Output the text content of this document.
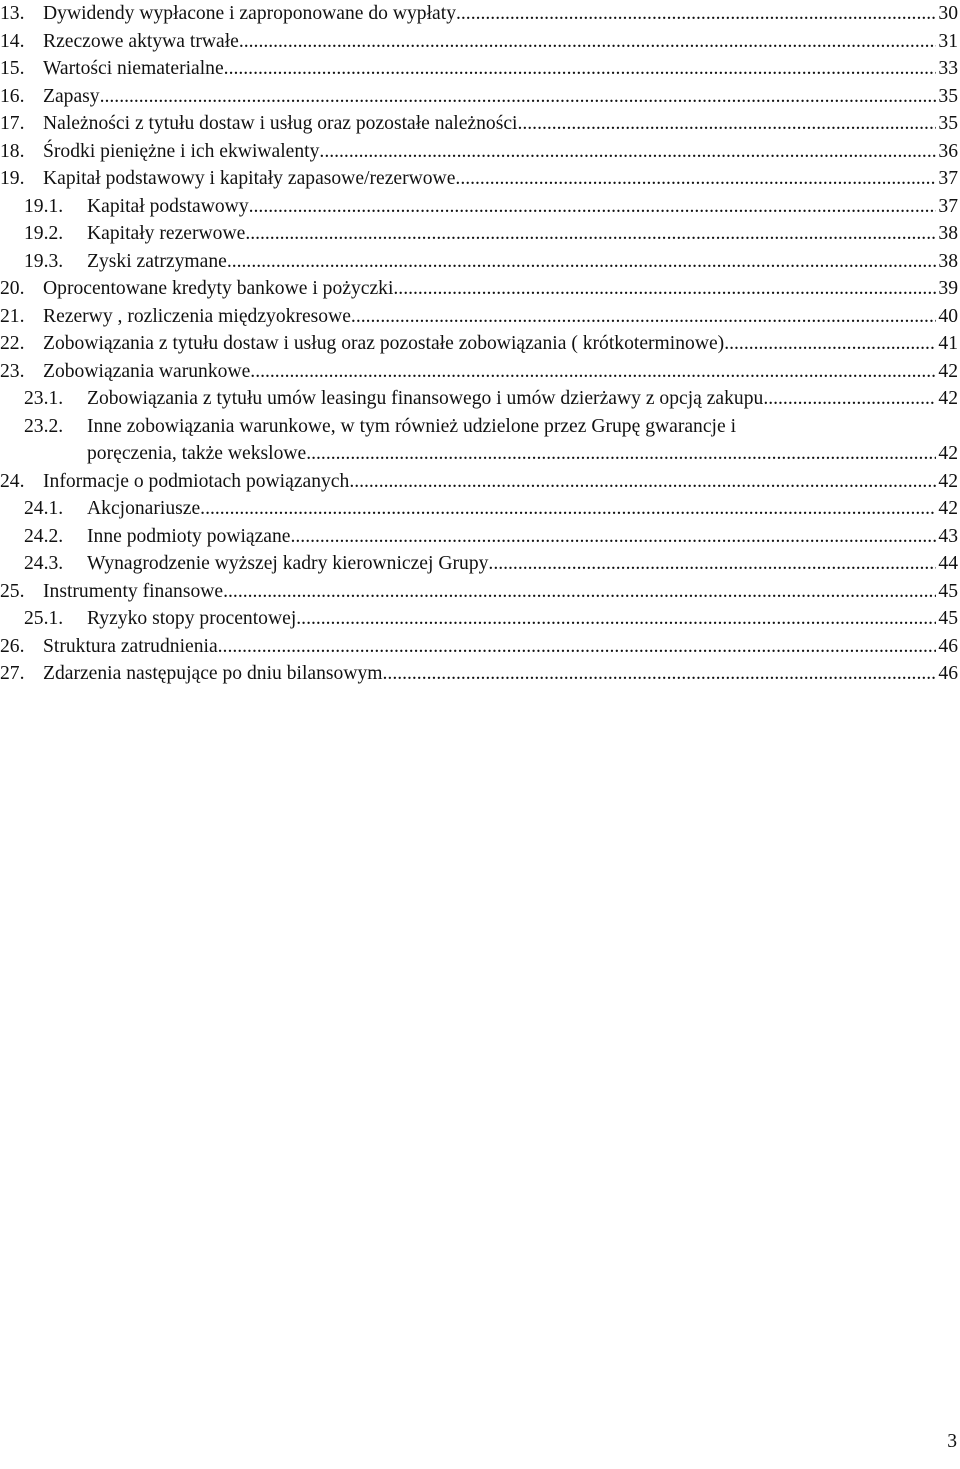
13. Dywidendy wypłacone i zaproponowane do wypłaty .....	30
14. Rzeczowe aktywa trwałe .....	31
15. Wartości niematerialne .....	33
16. Zapasy .....	35
17. Należności z tytułu dostaw i usług oraz pozostałe należności .....	35
18. Środki pieniężne i ich ekwiwalenty .....	36
19. Kapitał podstawowy i kapitały zapasowe/rezerwowe .....	37
19.1. Kapitał podstawowy .....	37
19.2. Kapitały rezerwowe .....	38
19.3. Zyski zatrzymane .....	38
20. Oprocentowane kredyty bankowe i pożyczki .....	39
21. Rezerwy , rozliczenia międzyokresowe .....	40
22. Zobowiązania z tytułu dostaw i usług oraz pozostałe zobowiązania ( krótkoterminowe) .....	41
23. Zobowiązania warunkowe .....	42
23.1. Zobowiązania z tytułu umów leasingu finansowego i umów dzierżawy z opcją zakupu .....	42
23.2. Inne zobowiązania warunkowe, w tym również udzielone przez Grupę gwarancje i
poręczenia, także wekslowe .....	42
24. Informacje o podmiotach powiązanych .....	42
24.1. Akcjonariusze .....	42
24.2. Inne podmioty powiązane .....	43
24.3. Wynagrodzenie wyższej kadry kierowniczej Grupy .....	44
25. Instrumenty finansowe .....	45
25.1. Ryzyko stopy procentowej .....	45
26. Struktura zatrudnienia .....	46
27. Zdarzenia następujące po dniu bilansowym .....	46
3
